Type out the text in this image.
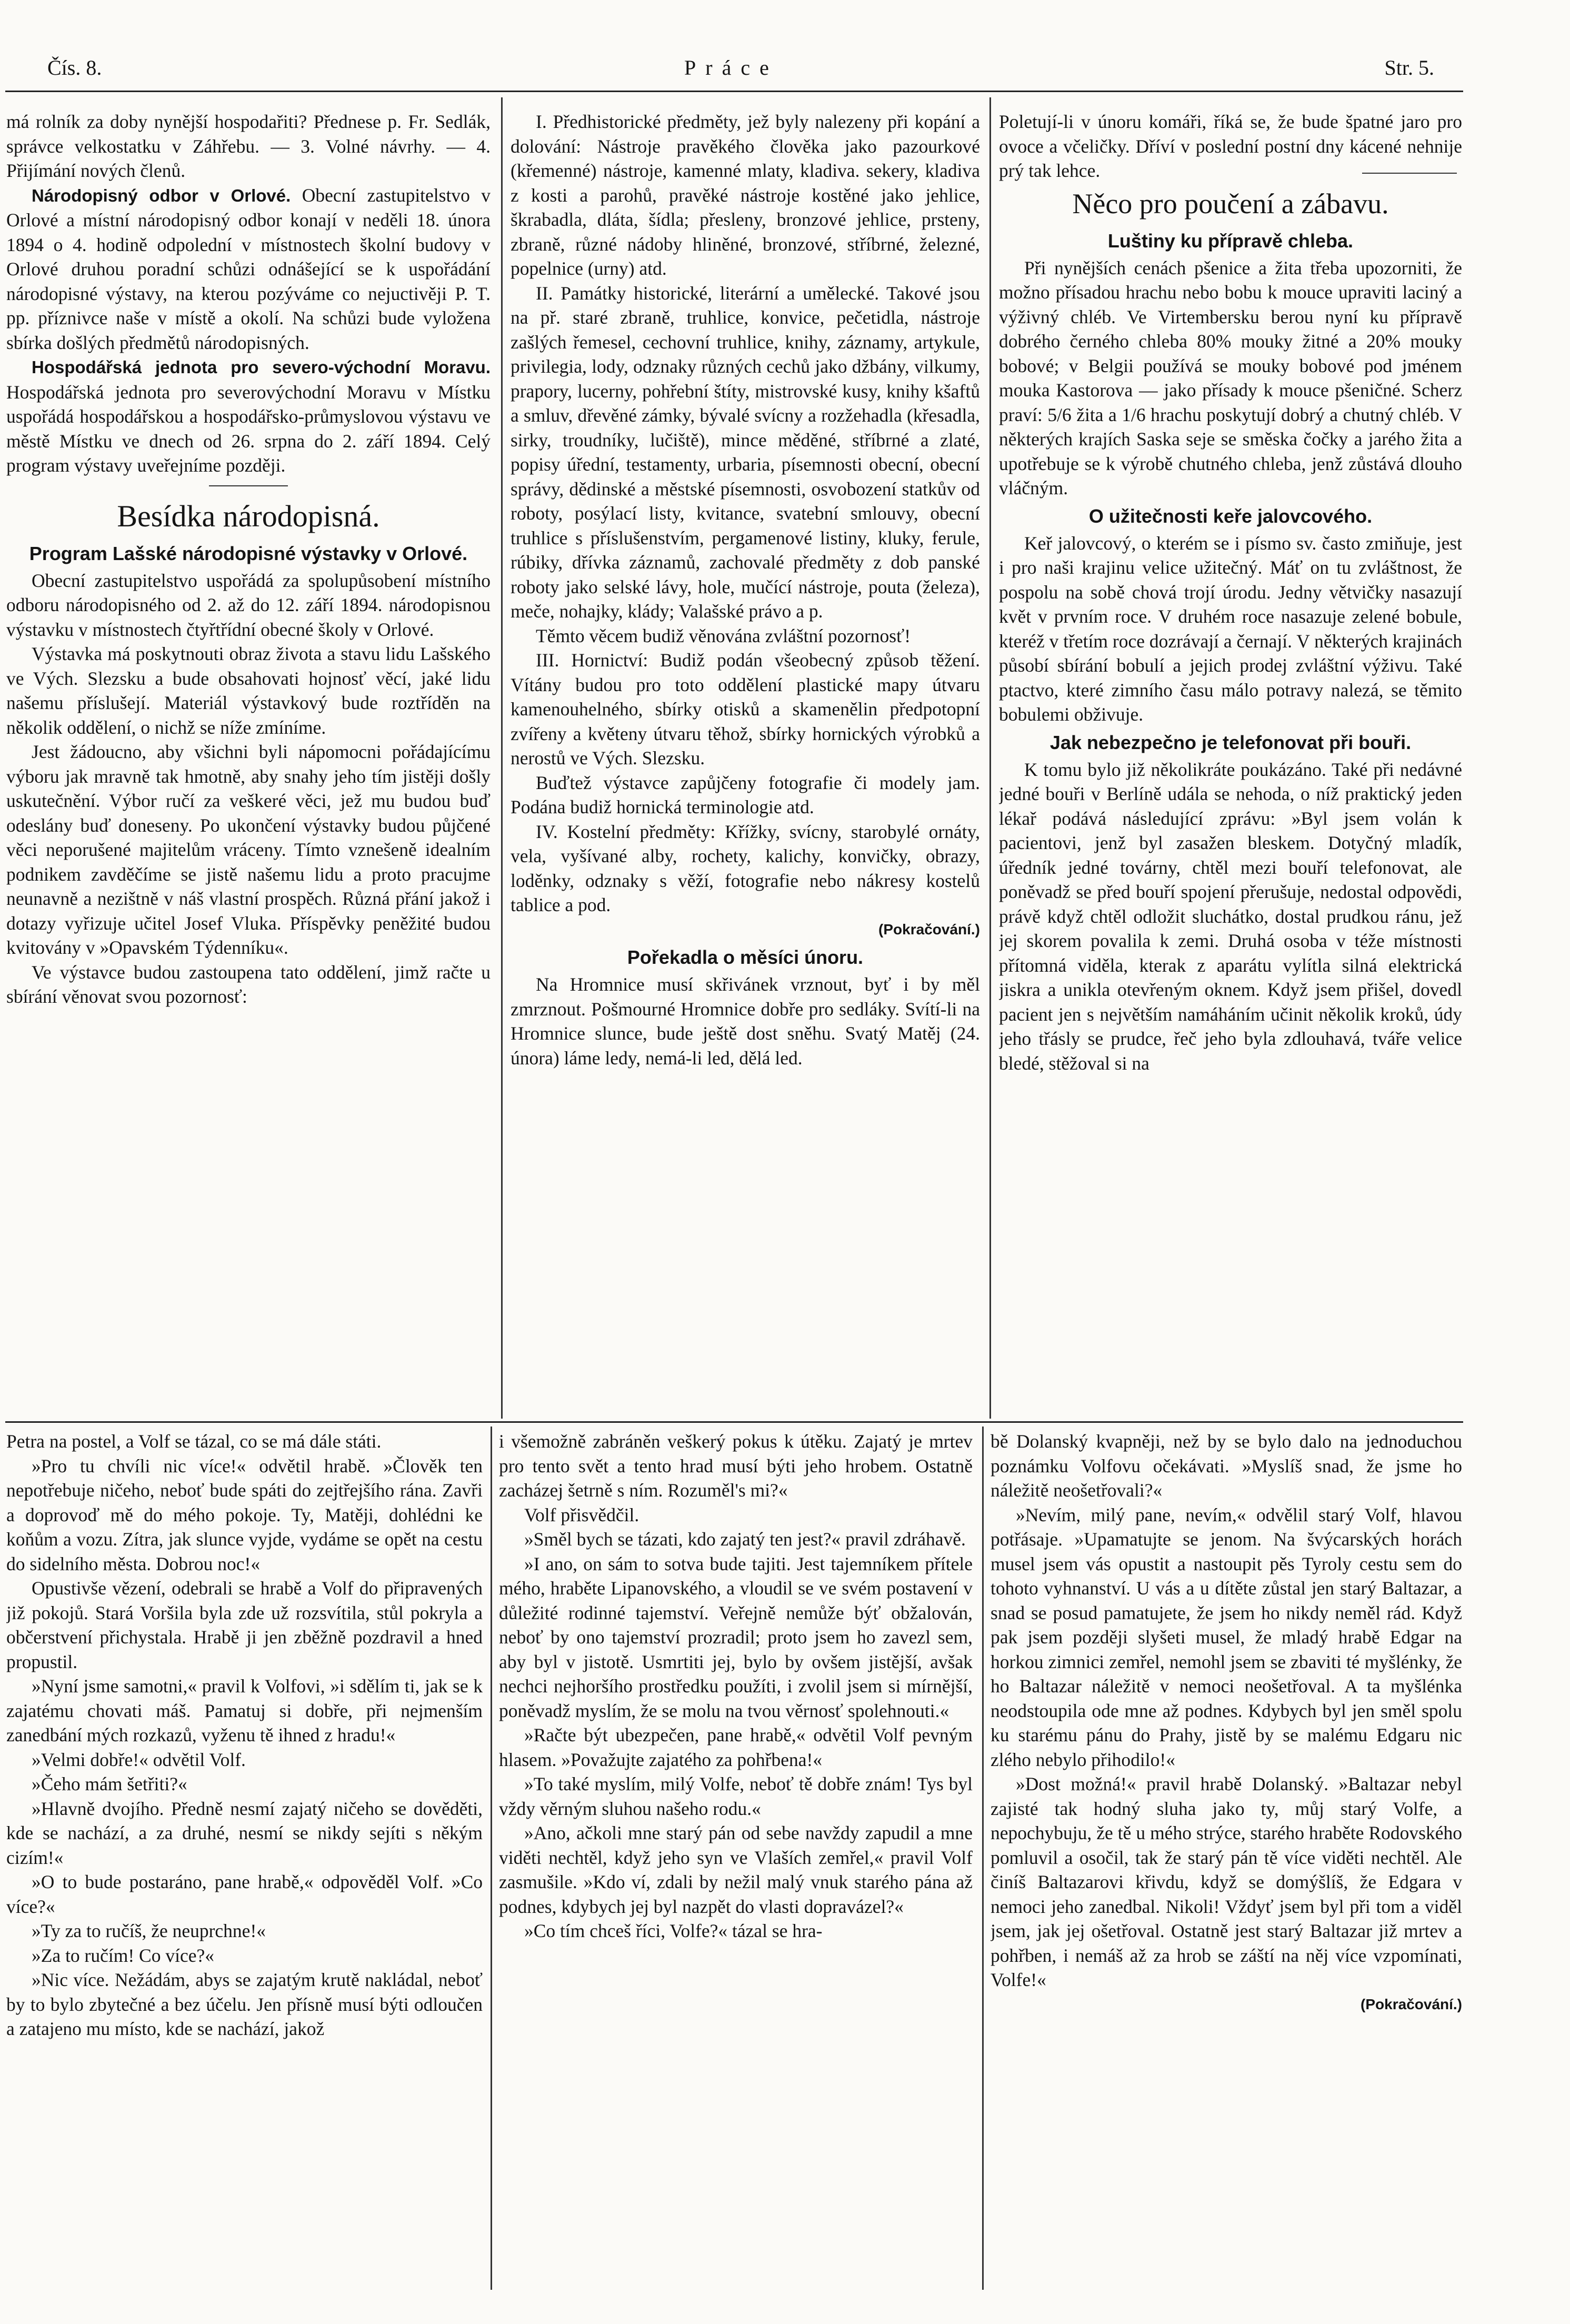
Čís. 8.	Práce	Str. 5.

má rolník za doby nynější hospodařiti? Přednese p. Fr. Sedlák, správce velkostatku v Záhřebu. — 3. Volné návrhy. — 4. Přijímání nových členů.

Národopisný odbor v Orlové. Obecní zastupitelstvo v Orlové a místní národopisný odbor konají v neděli 18. února 1894 o 4. hodině odpolední v místnostech školní budovy v Orlové druhou poradní schůzi odnášející se k uspořádání národopisné výstavy, na kterou pozýváme co nejuctivěji P. T. pp. příznivce naše v místě a okolí. Na schůzi bude vyložena sbírka došlých předmětů národopisných.

Hospodářská jednota pro severo-východní Moravu. Hospodářská jednota pro severovýchodní Moravu v Místku uspořádá hospodářskou a hospodářsko-průmyslovou výstavu ve městě Místku ve dnech od 26. srpna do 2. září 1894. Celý program výstavy uveřejníme později.

Besídka národopisná.
Program Lašské národopisné výstavky v Orlové.

Obecní zastupitelstvo uspořádá za spolupůsobení místního odboru národopisného od 2. až do 12. září 1894. národopisnou výstavku v místnostech čtyřtřídní obecné školy v Orlové.

Výstavka má poskytnouti obraz života a stavu lidu Lašského ve Vých. Slezsku a bude obsahovati hojnosť věcí, jaké lidu našemu příslušejí. Materiál výstavkový bude roztříděn na několik oddělení, o nichž se níže zmíníme.

Jest žádoucno, aby všichni byli nápomocni pořádajícímu výboru jak mravně tak hmotně, aby snahy jeho tím jistěji došly uskutečnění. Výbor ručí za veškeré věci, jež mu budou buď odeslány buď doneseny. Po ukončení výstavky budou půjčené věci neporušené majitelům vráceny. Tímto vznešeně idealním podnikem zavděčíme se jistě našemu lidu a proto pracujme neunavně a nezištně v náš vlastní prospěch. Různá přání jakož i dotazy vyřizuje učitel Josef Vluka. Příspěvky peněžité budou kvitovány v »Opavském Týdenníku«.

Ve výstavce budou zastoupena tato oddělení, jimž račte u sbírání věnovat svou pozornosť:

I. Předhistorické předměty, jež byly nalezeny při kopání a dolování: Nástroje pravěkého člověka jako pazourkové (křemenné) nástroje, kamenné mlaty, kladiva. sekery, kladiva z kosti a parohů, pravěké nástroje kostěné jako jehlice, škrabadla, dláta, šídla; přesleny, bronzové jehlice, prsteny, zbraně, různé nádoby hliněné, bronzové, stříbrné, železné, popelnice (urny) atd.

II. Památky historické, literární a umělecké. Takové jsou na př. staré zbraně, truhlice, konvice, pečetidla, nástroje zašlých řemesel, cechovní truhlice, knihy, záznamy, artykule, privilegia, lody, odznaky různých cechů jako džbány, vilkumy, prapory, lucerny, pohřební štíty, mistrovské kusy, knihy kšaftů a smluv, dřevěné zámky, bývalé svícny a rozžehadla (křesadla, sirky, troudníky, lučiště), mince měděné, stříbrné a zlaté, popisy úřední, testamenty, urbaria, písemnosti obecní, obecní správy, dědinské a městské písemnosti, osvobození statkův od roboty, posýlací listy, kvitance, svatební smlouvy, obecní truhlice s příslušenstvím, pergamenové listiny, kluky, ferule, rúbiky, dřívka záznamů, zachovalé předměty z dob panské roboty jako selské lávy, hole, mučící nástroje, pouta (železa), meče, nohajky, klády; Valašské právo a p.

Těmto věcem budiž věnována zvláštní pozornosť!

III. Hornictví: Budiž podán všeobecný způsob těžení. Vítány budou pro toto oddělení plastické mapy útvaru kamenouhelného, sbírky otisků a skamenělin předpotopní zvířeny a květeny útvaru těhož, sbírky hornických výrobků a nerostů ve Vých. Slezsku.

Buďtež výstavce zapůjčeny fotografie či modely jam. Podána budiž hornická terminologie atd.

IV. Kostelní předměty: Křížky, svícny, starobylé ornáty, vela, vyšívané alby, rochety, kalichy, konvičky, obrazy, loděnky, odznaky s věží, fotografie nebo nákresy kostelů tablice a pod.

(Pokračování.)
Pořekadla o měsíci únoru.

Na Hromnice musí skřivánek vrznout, byť i by měl zmrznout. Pošmourné Hromnice dobře pro sedláky. Svítí-li na Hromnice slunce, bude ještě dost sněhu. Svatý Matěj (24. února) láme ledy, nemá-li led, dělá led.

Poletují-li v únoru komáři, říká se, že bude špatné jaro pro ovoce a včeličky. Dříví v poslední postní dny kácené nehnije prý tak lehce.

Něco pro poučení a zábavu.
Luštiny ku přípravě chleba.

Při nynějších cenách pšenice a žita třeba upozorniti, že možno přísadou hrachu nebo bobu k mouce upraviti laciný a výživný chléb. Ve Virtembersku berou nyní ku přípravě dobrého černého chleba 80% mouky žitné a 20% mouky bobové; v Belgii používá se mouky bobové pod jménem mouka Kastorova — jako přísady k mouce pšeničné. Scherz praví: 5/6 žita a 1/6 hrachu poskytují dobrý a chutný chléb. V některých krajích Saska seje se směska čočky a jarého žita a upotřebuje se k výrobě chutného chleba, jenž zůstává dlouho vláčným.

O užitečnosti keře jalovcového.

Keř jalovcový, o kterém se i písmo sv. často zmiňuje, jest i pro naši krajinu velice užitečný. Máť on tu zvláštnost, že pospolu na sobě chová trojí úrodu. Jedny větvičky nasazují květ v prvním roce. V druhém roce nasazuje zelené bobule, kteréž v třetím roce dozrávají a černají. V některých krajinách působí sbírání bobulí a jejich prodej zvláštní výživu. Také ptactvo, které zimního času málo potravy nalezá, se těmito bobulemi obživuje.

Jak nebezpečno je telefonovat při bouři.

K tomu bylo již několikráte poukázáno. Také při nedávné jedné bouři v Berlíně udála se nehoda, o níž praktický jeden lékař podává následující zprávu: »Byl jsem volán k pacientovi, jenž byl zasažen bleskem. Dotyčný mladík, úředník jedné továrny, chtěl mezi bouří telefonovat, ale poněvadž se před bouří spojení přerušuje, nedostal odpovědi, právě když chtěl odložit sluchátko, dostal prudkou ránu, jež jej skorem povalila k zemi. Druhá osoba v téže místnosti přítomná viděla, kterak z aparátu vylítla silná elektrická jiskra a unikla otevřeným oknem. Když jsem přišel, dovedl pacient jen s největším namáháním učinit několik kroků, údy jeho třásly se prudce, řeč jeho byla zdlouhavá, tváře velice bledé, stěžoval si na

Petra na postel, a Volf se tázal, co se má dále státi.

»Pro tu chvíli nic více!« odvětil hrabě. »Člověk ten nepotřebuje ničeho, neboť bude spáti do zejtřejšího rána. Zavři a doprovoď mě do mého pokoje. Ty, Matěji, dohlédni ke koňům a vozu. Zítra, jak slunce vyjde, vydáme se opět na cestu do sidelního města. Dobrou noc!«

Opustivše vězení, odebrali se hrabě a Volf do připravených již pokojů. Stará Voršila byla zde už rozsvítila, stůl pokryla a občerstvení přichystala. Hrabě ji jen zběžně pozdravil a hned propustil.

»Nyní jsme samotni,« pravil k Volfovi, »i sdělím ti, jak se k zajatému chovati máš. Pamatuj si dobře, při nejmenším zanedbání mých rozkazů, vyženu tě ihned z hradu!«

»Velmi dobře!« odvětil Volf.

»Čeho mám šetřiti?«

»Hlavně dvojího. Předně nesmí zajatý ničeho se dověděti, kde se nachází, a za druhé, nesmí se nikdy sejíti s někým cizím!«

»O to bude postaráno, pane hrabě,« odpověděl Volf. »Co více?«

»Ty za to ručíš, že neuprchne!«

»Za to ručím! Co více?«

»Nic více. Nežádám, abys se zajatým krutě nakládal, neboť by to bylo zbytečné a bez účelu. Jen přísně musí býti odloučen a zatajeno mu místo, kde se nachází, jakož

i všemožně zabráněn veškerý pokus k útěku. Zajatý je mrtev pro tento svět a tento hrad musí býti jeho hrobem. Ostatně zacházej šetrně s ním. Rozuměl's mi?«

Volf přisvědčil.

»Směl bych se tázati, kdo zajatý ten jest?« pravil zdráhavě.

»I ano, on sám to sotva bude tajiti. Jest tajemníkem přítele mého, hraběte Lipanovského, a vloudil se ve svém postavení v důležité rodinné tajemství. Veřejně nemůže býť obžalován, neboť by ono tajemství prozradil; proto jsem ho zavezl sem, aby byl v jistotě. Usmrtiti jej, bylo by ovšem jistější, avšak nechci nejhoršího prostředku použíti, i zvolil jsem si mírnější, poněvadž myslím, že se molu na tvou věrnosť spolehnouti.«

»Račte být ubezpečen, pane hrabě,« odvětil Volf pevným hlasem. »Považujte zajatého za pohřbena!«

»To také myslím, milý Volfe, neboť tě dobře znám! Tys byl vždy věrným sluhou našeho rodu.«

»Ano, ačkoli mne starý pán od sebe navždy zapudil a mne viděti nechtěl, když jeho syn ve Vlaších zemřel,« pravil Volf zasmušile. »Kdo ví, zdali by nežil malý vnuk starého pána až podnes, kdybych jej byl nazpět do vlasti dopravázel?«

»Co tím chceš říci, Volfe?« tázal se hra-

bě Dolanský kvapněji, než by se bylo dalo na jednoduchou poznámku Volfovu očekávati. »Myslíš snad, že jsme ho náležitě neošetřovali?«

»Nevím, milý pane, nevím,« odvělil starý Volf, hlavou potřásaje. »Upamatujte se jenom. Na švýcarských horách musel jsem vás opustit a nastoupit pěs Tyroly cestu sem do tohoto vyhnanství. U vás a u dítěte zůstal jen starý Baltazar, a snad se posud pamatujete, že jsem ho nikdy neměl rád. Když pak jsem později slyšeti musel, že mladý hrabě Edgar na horkou zimnici zemřel, nemohl jsem se zbaviti té myšlénky, že ho Baltazar náležitě v nemoci neošetřoval. A ta myšlénka neodstoupila ode mne až podnes. Kdybych byl jen směl spolu ku starému pánu do Prahy, jistě by se malému Edgaru nic zlého nebylo přihodilo!«

»Dost možná!« pravil hrabě Dolanský. »Baltazar nebyl zajisté tak hodný sluha jako ty, můj starý Volfe, a nepochybuju, že tě u mého strýce, starého hraběte Rodovského pomluvil a osočil, tak že starý pán tě více viděti nechtěl. Ale činíš Baltazarovi křivdu, když se domýšlíš, že Edgara v nemoci jeho zanedbal. Nikoli! Vždyť jsem byl při tom a viděl jsem, jak jej ošetřoval. Ostatně jest starý Baltazar již mrtev a pohřben, i nemáš až za hrob se záští na něj více vzpomínati, Volfe!«

(Pokračování.)
